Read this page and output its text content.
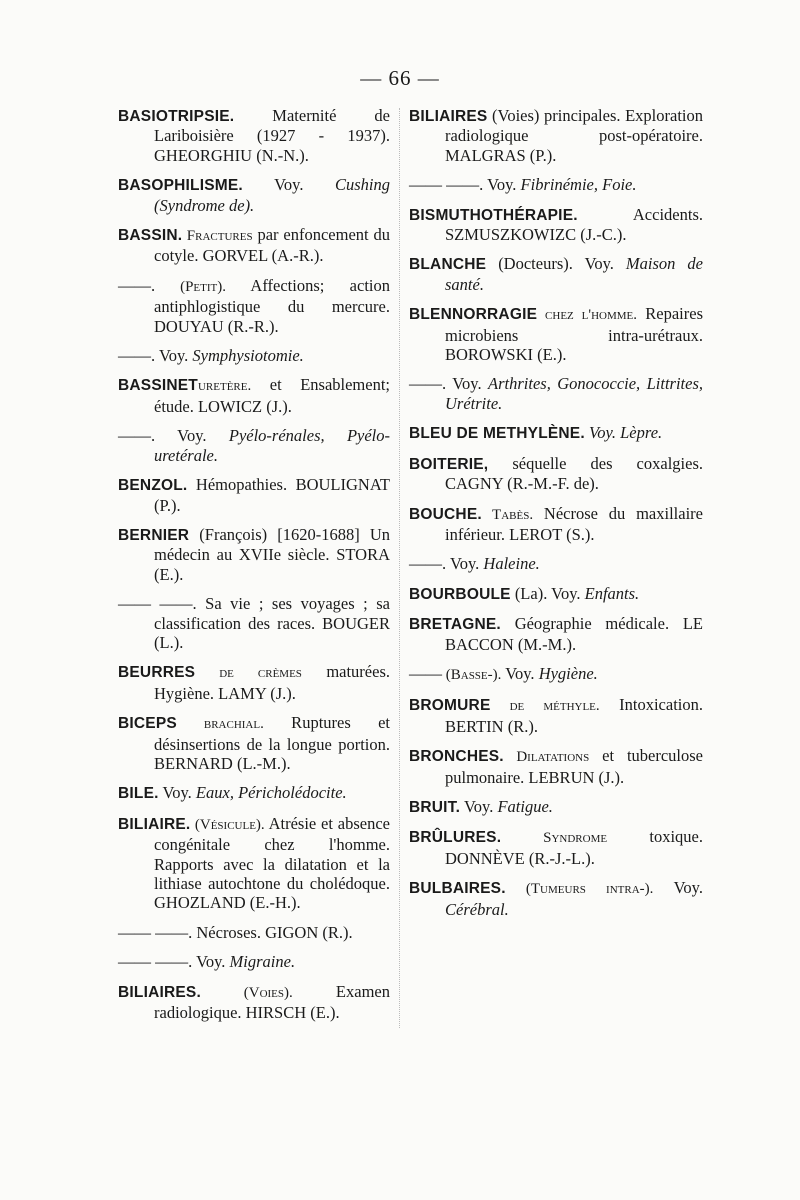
— 66 —

BASIOTRIPSIE. Maternité de Lariboisière (1927 - 1937). GHEORGHIU (N.-N.).

BASOPHILISME. Voy. Cushing (Syndrome de).

BASSIN. Fractures par enfoncement du cotyle. GORVEL (A.-R.).

——. (Petit). Affections; action antiphlogistique du mercure. DOUYAU (R.-R.).

——. Voy. Symphysiotomie.

BASSINETuretère. et Ensablement; étude. LOWICZ (J.).

——. Voy. Pyélo-rénales, Pyélo-uretérale.

BENZOL. Hémopathies. BOULIGNAT (P.).

BERNIER (François) [1620-1688] Un médecin au XVIIe siècle. STORA (E.).

—— ——. Sa vie ; ses voyages ; sa classification des races. BOUGER (L.).

BEURRES de crèmes maturées. Hygiène. LAMY (J.).

BICEPS brachial. Ruptures et désinsertions de la longue portion. BERNARD (L.-M.).

BILE. Voy. Eaux, Péricholédocite.

BILIAIRE. (Vésicule). Atrésie et absence congénitale chez l'homme. Rapports avec la dilatation et la lithiase autochtone du cholédoque. GHOZLAND (E.-H.).

—— ——. Nécroses. GIGON (R.).

—— ——. Voy. Migraine.

BILIAIRES. (Voies). Examen radiologique. HIRSCH (E.).

BILIAIRES (Voies) principales. Exploration radiologique post-opératoire. MALGRAS (P.).

—— ——. Voy. Fibrinémie, Foie.

BISMUTHOTHÉRAPIE. Accidents. SZMUSZKOWIZC (J.-C.).

BLANCHE (Docteurs). Voy. Maison de santé.

BLENNORRAGIE chez l'homme. Repaires microbiens intra-urétraux. BOROWSKI (E.).

——. Voy. Arthrites, Gonococcie, Littrites, Urétrite.

BLEU DE METHYLÈNE. Voy. Lèpre.

BOITERIE, séquelle des coxalgies. CAGNY (R.-M.-F. de).

BOUCHE. Tabès. Nécrose du maxillaire inférieur. LEROT (S.).

——. Voy. Haleine.

BOURBOULE (La). Voy. Enfants.

BRETAGNE. Géographie médicale. LE BACCON (M.-M.).

—— (Basse-). Voy. Hygiène.

BROMURE de méthyle. Intoxication. BERTIN (R.).

BRONCHES. Dilatations et tuberculose pulmonaire. LEBRUN (J.).

BRUIT. Voy. Fatigue.

BRÛLURES. Syndrome toxique. DONNÈVE (R.-J.-L.).

BULBAIRES. (Tumeurs intra-). Voy. Cérébral.
